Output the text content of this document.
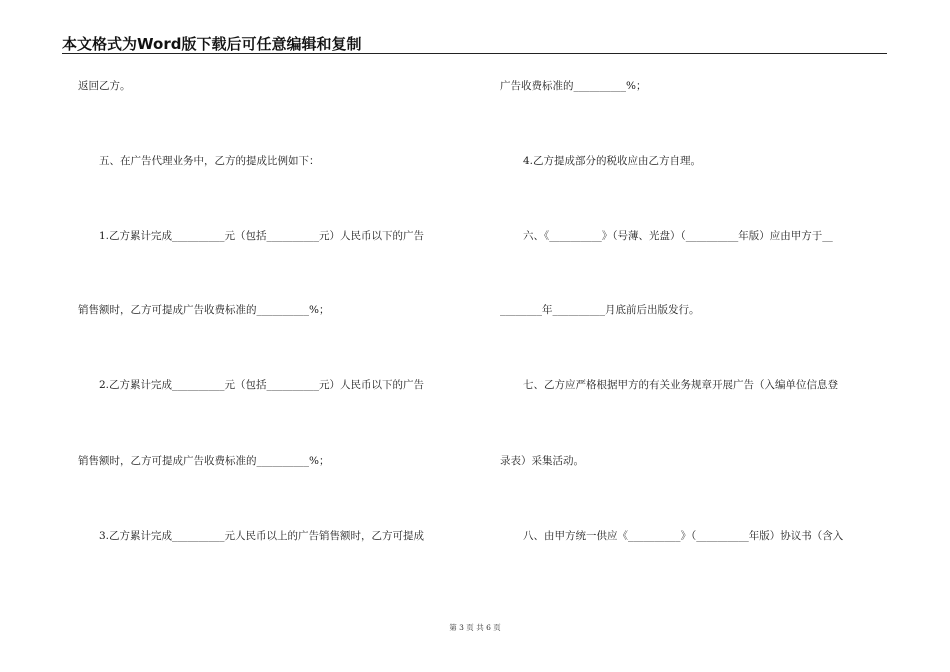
本文格式为Word版下载后可任意编辑和复制
返回乙方。
五、在广告代理业务中，乙方的提成比例如下：
1.乙方累计完成__________元（包括__________元）人民币以下的广告
销售额时，乙方可提成广告收费标准的__________%；
2.乙方累计完成__________元（包括__________元）人民币以下的广告
销售额时，乙方可提成广告收费标准的__________%；
3.乙方累计完成__________元人民币以上的广告销售额时，乙方可提成
广告收费标准的__________%；
4.乙方提成部分的税收应由乙方自理。
六、《__________》（号薄、光盘）（__________年版）应由甲方于__
________年__________月底前后出版发行。
七、乙方应严格根据甲方的有关业务规章开展广告（入编单位信息登
录表）采集活动。
八、由甲方统一供应《__________》（__________年版）协议书（含入
第 3 页 共 6 页
